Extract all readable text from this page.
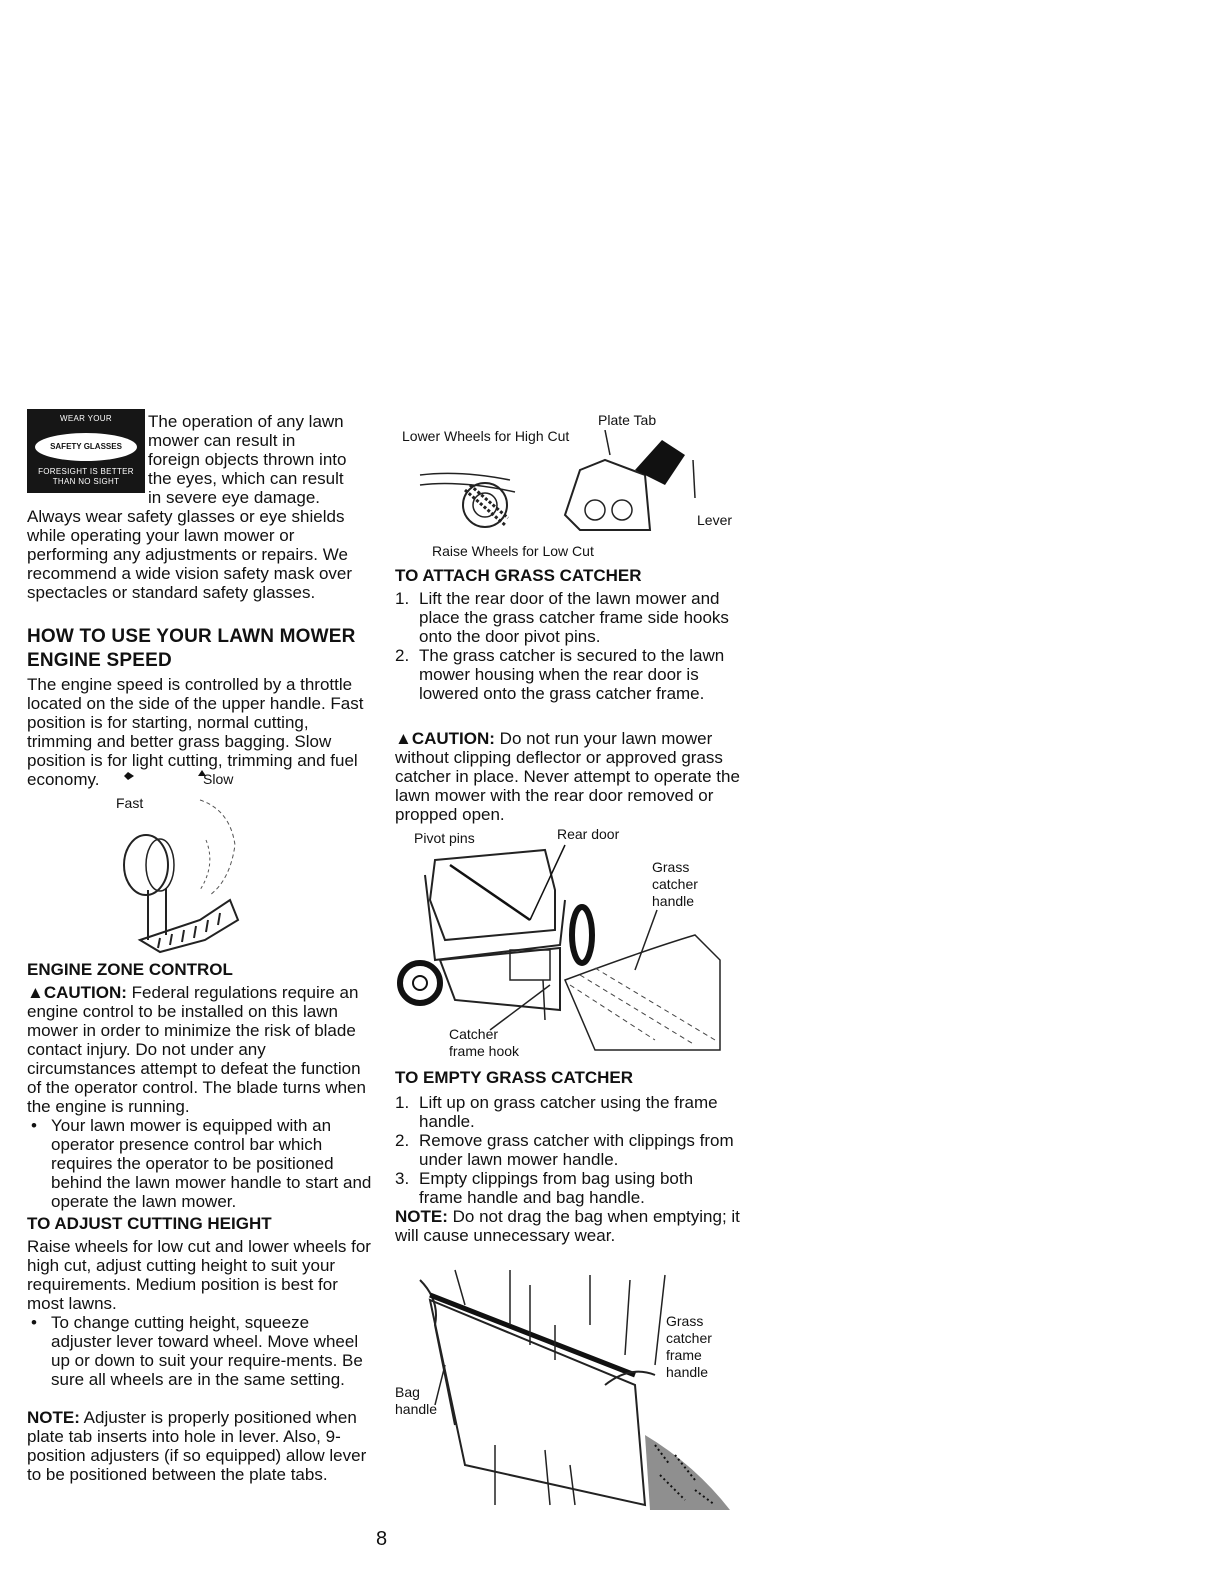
WEAR YOUR
SAFETY GLASSES
FORESIGHT IS BETTER
THAN NO SIGHT

The operation of any lawn

mower can result in

foreign objects thrown into

the eyes, which can result

in severe eye damage.

Always wear safety glasses or eye shields while operating your lawn mower or performing any adjustments or repairs. We recommend a wide vision safety mask over spectacles or standard safety glasses.

HOW TO USE YOUR LAWN MOWER
ENGINE SPEED

The engine speed is controlled by a throttle located on the side of the upper handle. Fast position is for starting, normal cutting, trimming and better grass bagging. Slow position is for light cutting, trimming and fuel economy.	Slow
Fast
ENGINE ZONE CONTROL

▲CAUTION: Federal regulations require an engine control to be installed on this lawn mower in order to minimize the risk of blade contact injury. Do not under any circumstances attempt to defeat the function of the operator control. The blade turns when the engine is running.

• Your lawn mower is equipped with an operator presence control bar which requires the operator to be positioned behind the lawn mower handle to start and operate the lawn mower.
TO ADJUST CUTTING HEIGHT

Raise wheels for low cut and lower wheels for high cut, adjust cutting height to suit your requirements. Medium position is best for most lawns.

• To change cutting height, squeeze adjuster lever toward wheel. Move wheel up or down to suit your require-ments. Be sure all wheels are in the same setting.

NOTE: Adjuster is properly positioned when plate tab inserts into hole in lever. Also, 9-position adjusters (if so equipped) allow lever to be positioned between the plate tabs.

Plate Tab
Lower Wheels for High Cut
Lever
Raise Wheels for Low Cut
TO ATTACH GRASS CATCHER
1. Lift the rear door of the lawn mower and place the grass catcher frame side hooks onto the door pivot pins.
2. The grass catcher is secured to the lawn mower housing when the rear door is lowered onto the grass catcher frame.

▲CAUTION: Do not run your lawn mower without clipping deflector or approved grass catcher in place. Never attempt to operate the lawn mower with the rear door removed or propped open.

Pivot pins	Rear door
Grass
catcher
handle
Catcher
frame hook
TO EMPTY GRASS CATCHER
1. Lift up on grass catcher using the frame handle.
2. Remove grass catcher with clippings from under lawn mower handle.
3. Empty clippings from bag using both frame handle and bag handle.

NOTE: Do not drag the bag when emptying; it will cause unnecessary wear.

Grass
catcher
frame
handle
Bag
handle
8
